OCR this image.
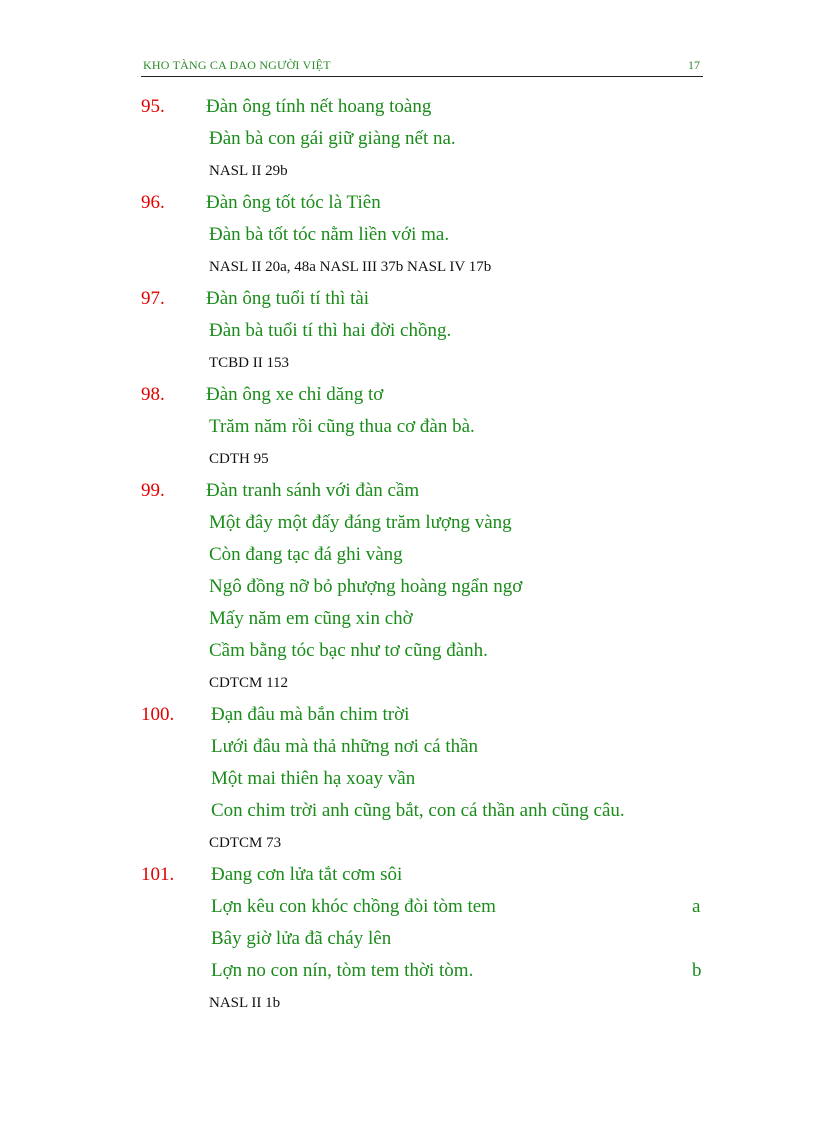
KHO TÀNG CA DAO NGƯỜI VIỆT	17
95. Đàn ông tính nết hoang toàng
Đàn bà con gái giữ giàng nết na.
NASL II 29b
96. Đàn ông tốt tóc là Tiên
Đàn bà tốt tóc nằm liền với ma.
NASL II 20a, 48a NASL III 37b NASL IV 17b
97. Đàn ông tuổi tí thì tài
Đàn bà tuổi tí thì hai đời chồng.
TCBD II 153
98. Đàn ông xe chỉ dăng tơ
Trăm năm rồi cũng thua cơ đàn bà.
CDTH 95
99. Đàn tranh sánh với đàn cầm
Một đây một đấy đáng trăm lượng vàng
Còn đang tạc đá ghi vàng
Ngô đồng nỡ bỏ phượng hoàng ngẩn ngơ
Mấy năm em cũng xin chờ
Cầm bằng tóc bạc như tơ cũng đành.
CDTCM 112
100. Đạn đâu mà bắn chim trời
Lưới đâu mà thả những nơi cá thần
Một mai thiên hạ xoay vần
Con chim trời anh cũng bắt, con cá thần anh cũng câu.
CDTCM 73
101. Đang cơn lửa tắt cơm sôi
Lợn kêu con khóc chồng đòi tòm tem	a
Bây giờ lửa đã cháy lên
Lợn no con nín, tòm tem thời tòm.	b
NASL II 1b
